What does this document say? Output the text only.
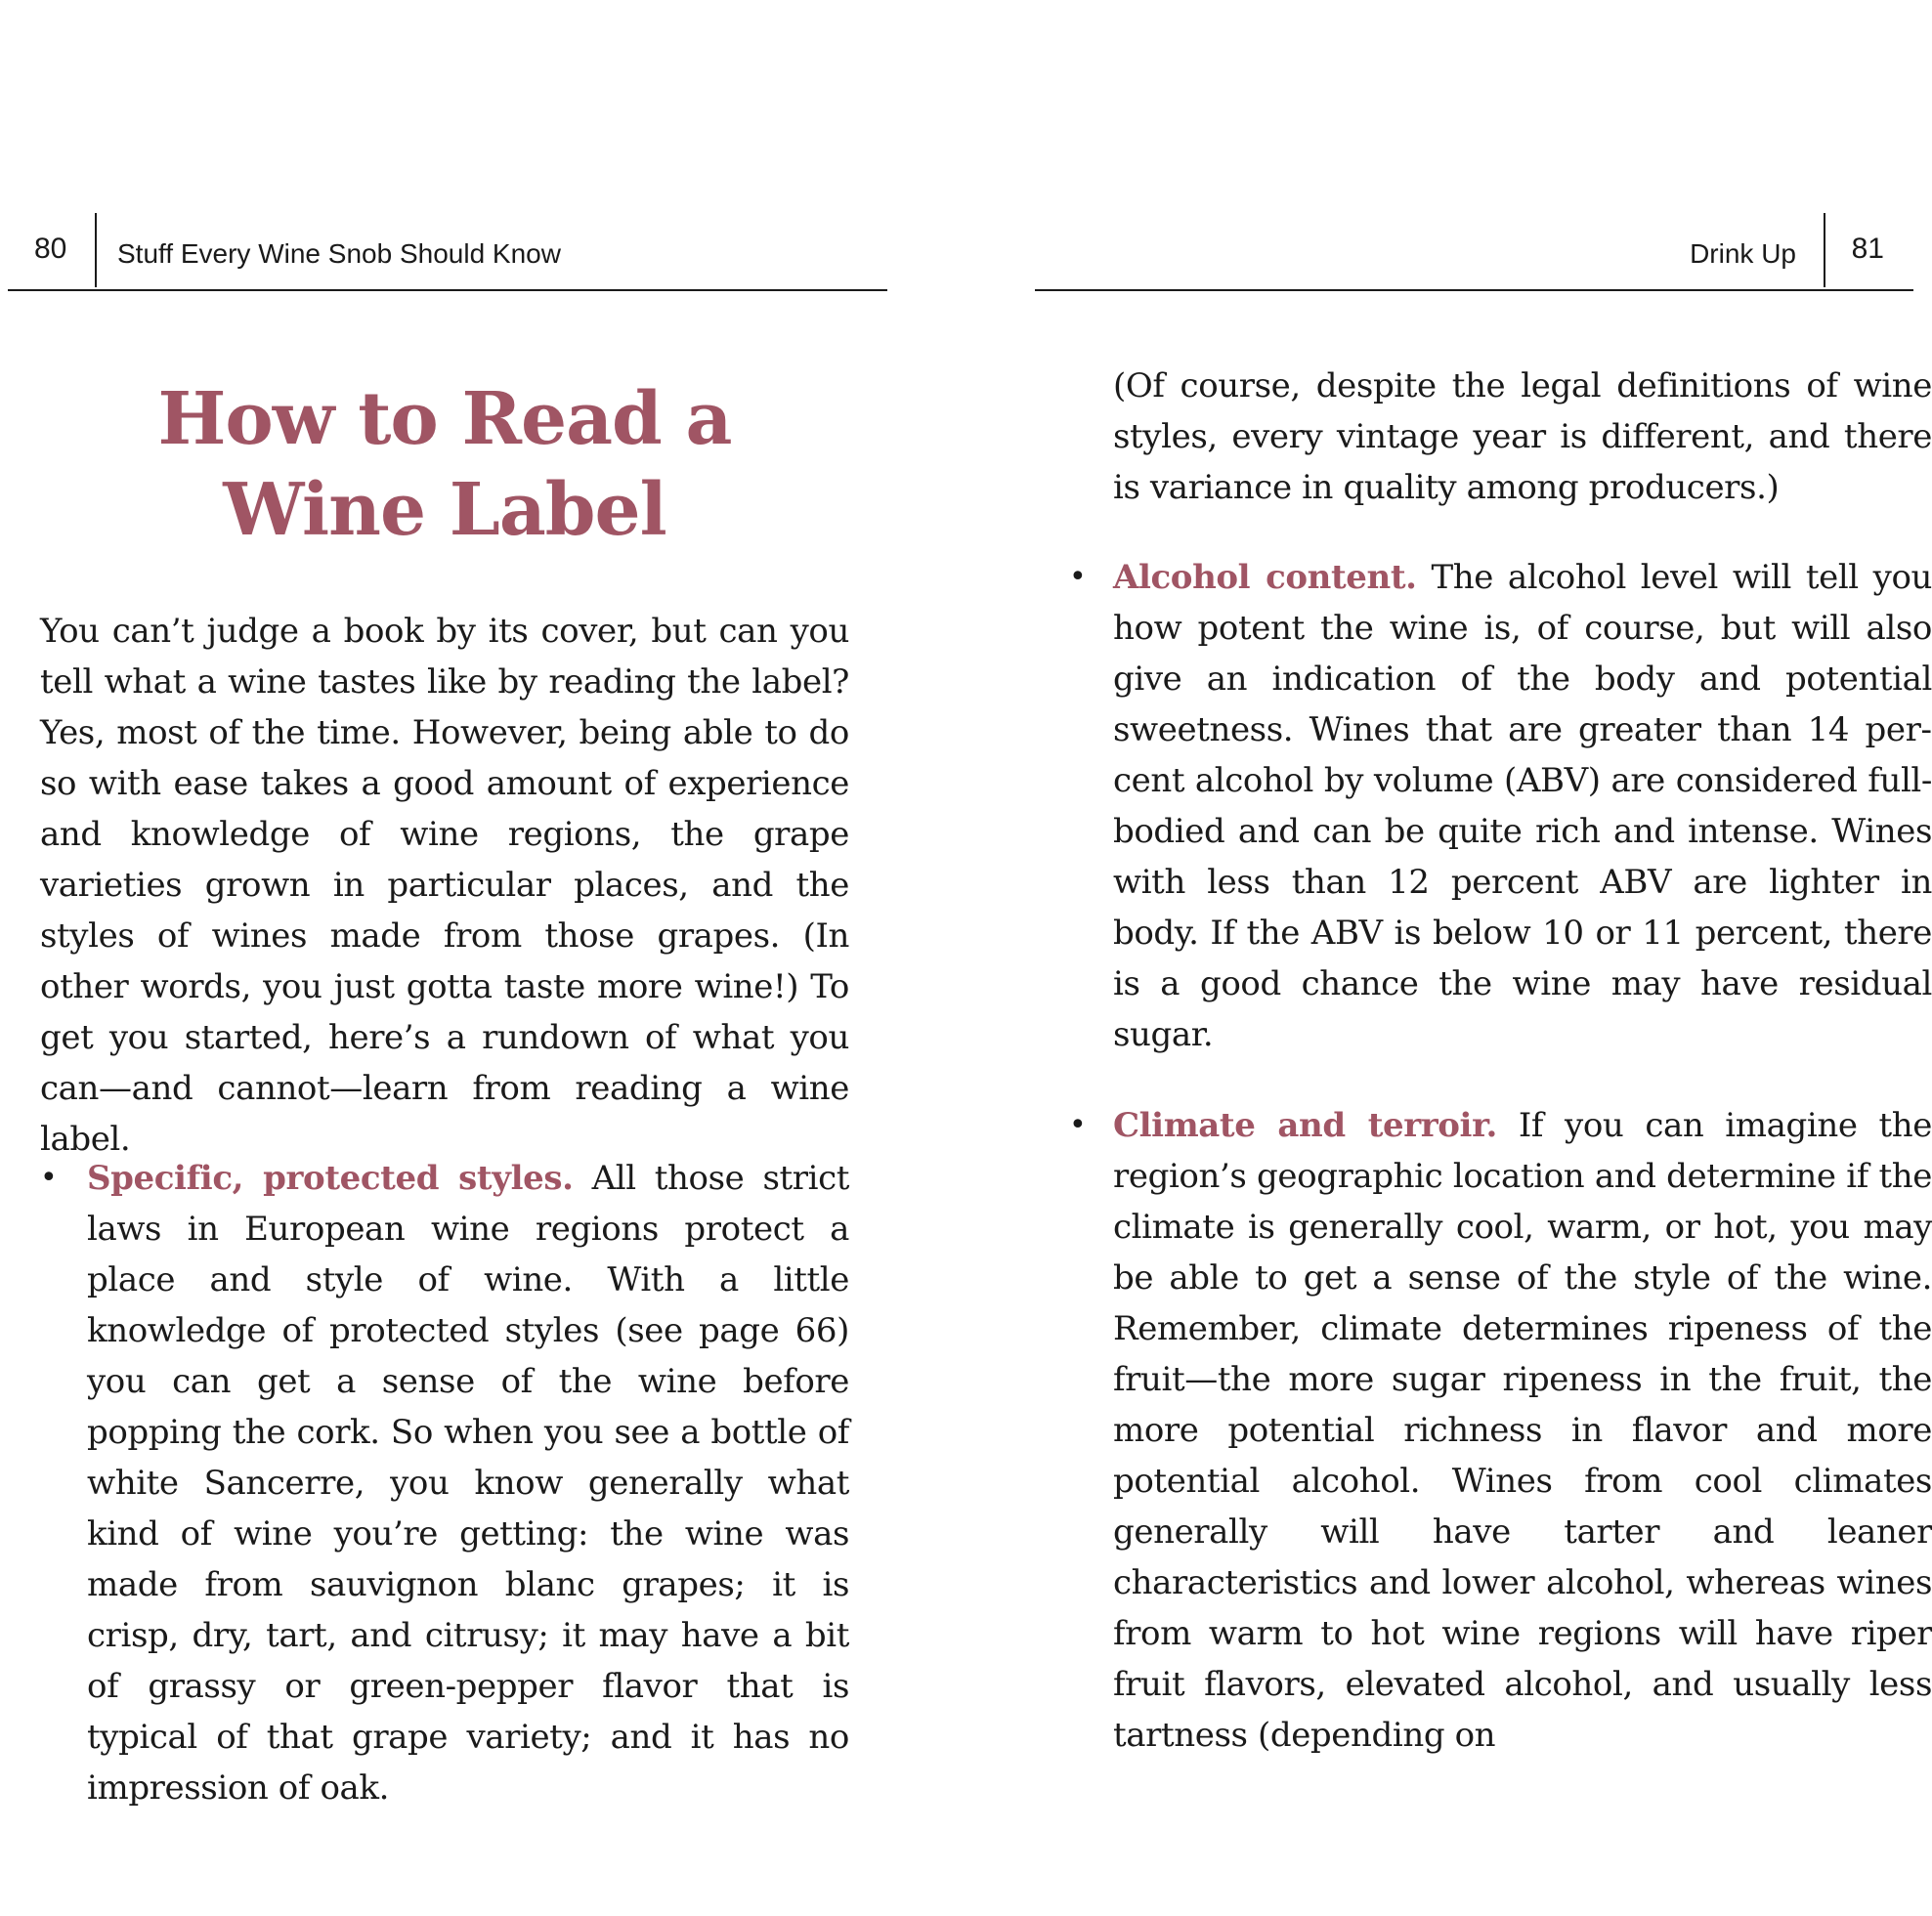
80 Stuff Every Wine Snob Should Know
How to Read a
Wine Label

You can’t judge a book by its cover, but can you tell what a wine tastes like by reading the label? Yes, most of the time. However, being able to do so with ease takes a good amount of experience and knowledge of wine regions, the grape varieties grown in particular places, and the styles of wines made from those grapes. (In other words, you just gotta taste more wine!) To get you started, here’s a rundown of what you can—and cannot—learn from reading a wine label.

• Specific, protected styles. All those strict laws in European wine regions protect a place and style of wine. With a little knowledge of protected styles (see page 66) you can get a sense of the wine before popping the cork. So when you see a bottle of white Sancerre, you know generally what kind of wine you’re getting: the wine was made from sauvignon blanc grapes; it is crisp, dry, tart, and citrusy; it may have a bit of grassy or green-pepper flavor that is typical of that grape variety; and it has no impression of oak.

Drink Up 81

(Of course, despite the legal definitions of wine styles, every vintage year is different, and there is variance in quality among producers.)

• Alcohol content. The alcohol level will tell you how potent the wine is, of course, but will also give an indication of the body and potential sweetness. Wines that are greater than 14 percent alcohol by volume (ABV) are considered full-bodied and can be quite rich and intense. Wines with less than 12 percent ABV are lighter in body. If the ABV is below 10 or 11 percent, there is a good chance the wine may have residual sugar.

• Climate and terroir. If you can imagine the region’s geographic location and determine if the climate is generally cool, warm, or hot, you may be able to get a sense of the style of the wine. Remember, climate determines ripeness of the fruit—the more sugar ripeness in the fruit, the more potential richness in flavor and more potential alcohol. Wines from cool climates generally will have tarter and leaner characteristics and lower alcohol, whereas wines from warm to hot wine regions will have riper fruit flavors, elevated alcohol, and usually less tartness (depending on
